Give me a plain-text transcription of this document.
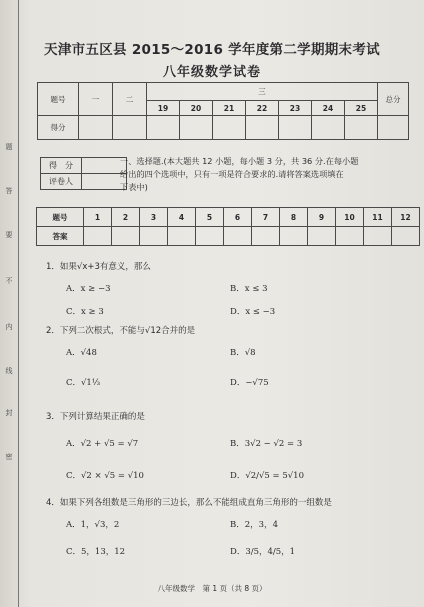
题
答
要
不
内
线
封
密
天津市五区县 2015～2016 学年度第二学期期末考试
八年级数学试卷
题号	一	二	三							总分
			19	20	21	22	23	24	25	
得分										
得　分	
评卷人	
一、选择题.(本大题共 12 小题，每小题 3 分，共 36 分.在每小题
给出的四个选项中，只有一项是符合要求的.请将答案选项填在
下表中)
题号	1	2	3	4	5	6	7	8	9	10	11	12
答案												
1．如果√x+3有意义，那么
A．x ≥ −3	B．x ≤ 3
C．x ≥ 3	D．x ≤ −3
2．下列二次根式，不能与√12合并的是
A．√48	B．√8
C．√1⅓	D．−√75
3．下列计算结果正确的是
A．√2 + √5 = √7	B．3√2 − √2 = 3
C．√2 × √5 = √10	D．√2/√5 = 5√10
4．如果下列各组数是三角形的三边长，那么不能组成直角三角形的一组数是
A．1，√3，2	B．2，3，4
C．5，13，12	D．3/5，4/5，1
八年级数学　第 1 页（共 8 页）
